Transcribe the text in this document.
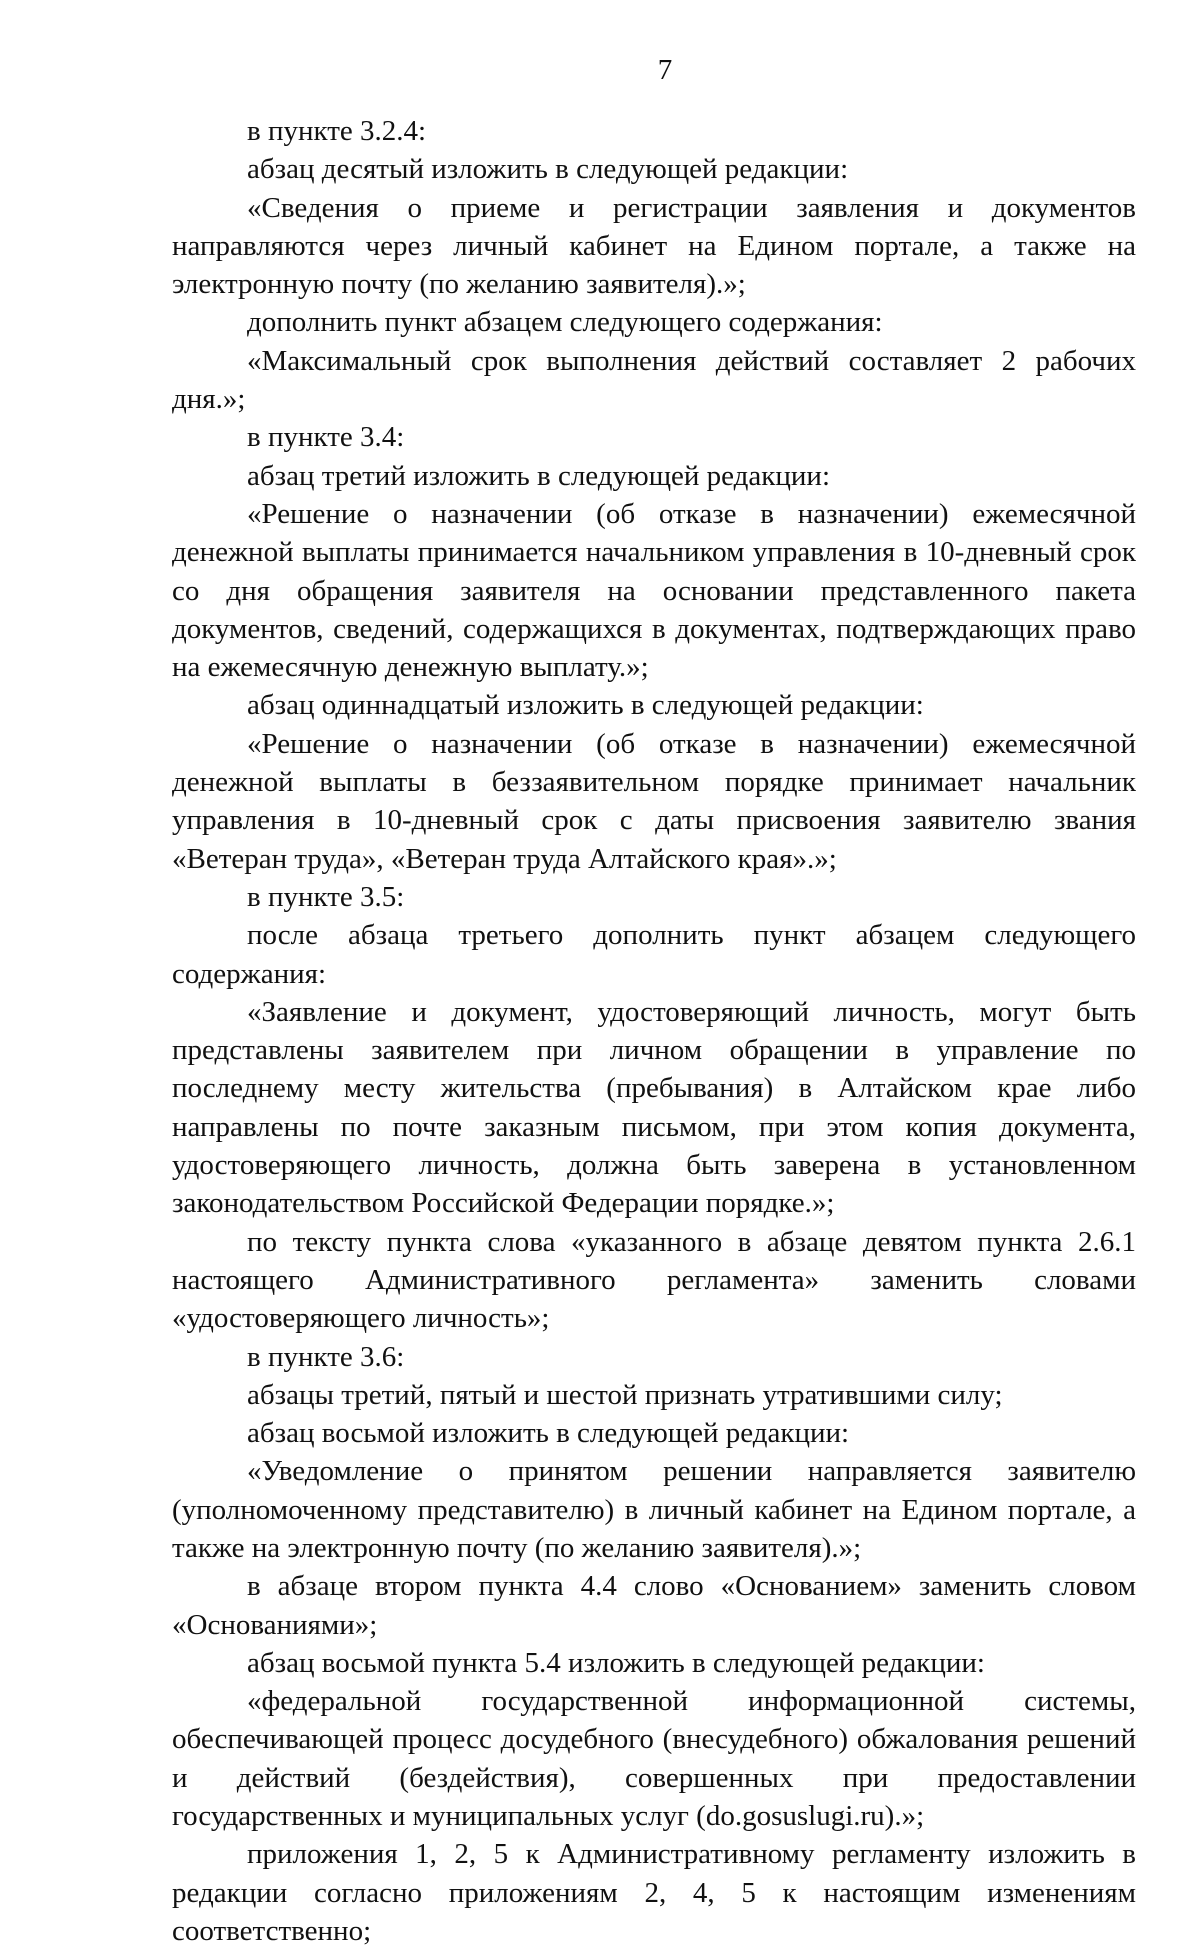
7

в пункте 3.2.4:

абзац десятый изложить в следующей редакции:

«Сведения о приеме и регистрации заявления и документов направляются через личный кабинет на Едином портале, а также на электронную почту (по желанию заявителя).»;

дополнить пункт абзацем следующего содержания:

«Максимальный срок выполнения действий составляет 2 рабочих дня.»;

в пункте 3.4:

абзац третий изложить в следующей редакции:

«Решение о назначении (об отказе в назначении) ежемесячной денежной выплаты принимается начальником управления в 10-дневный срок со дня обращения заявителя на основании представленного пакета документов, сведений, содержащихся в документах, подтверждающих право на ежемесячную денежную выплату.»;

абзац одиннадцатый изложить в следующей редакции:

«Решение о назначении (об отказе в назначении) ежемесячной денежной выплаты в беззаявительном порядке принимает начальник управления в 10-дневный срок с даты присвоения заявителю звания «Ветеран труда», «Ветеран труда Алтайского края».»;

в пункте 3.5:

после абзаца третьего дополнить пункт абзацем следующего содержания:

«Заявление и документ, удостоверяющий личность, могут быть представлены заявителем при личном обращении в управление по последнему месту жительства (пребывания) в Алтайском крае либо направлены по почте заказным письмом, при этом копия документа, удостоверяющего личность, должна быть заверена в установленном законодательством Российской Федерации порядке.»;

по тексту пункта слова «указанного в абзаце девятом пункта 2.6.1 настоящего Административного регламента» заменить словами «удостоверяющего личность»;

в пункте 3.6:

абзацы третий, пятый и шестой признать утратившими силу;

абзац восьмой изложить в следующей редакции:

«Уведомление о принятом решении направляется заявителю (уполномоченному представителю) в личный кабинет на Едином портале, а также на электронную почту (по желанию заявителя).»;

в абзаце втором пункта 4.4 слово «Основанием» заменить словом «Основаниями»;

абзац восьмой пункта 5.4 изложить в следующей редакции:

«федеральной государственной информационной системы, обеспечивающей процесс досудебного (внесудебного) обжалования решений и действий (бездействия), совершенных при предоставлении государственных и муниципальных услуг (do.gosuslugi.ru).»;

приложения 1, 2, 5 к Административному регламенту изложить в редакции согласно приложениям 2, 4, 5 к настоящим изменениям соответственно;
